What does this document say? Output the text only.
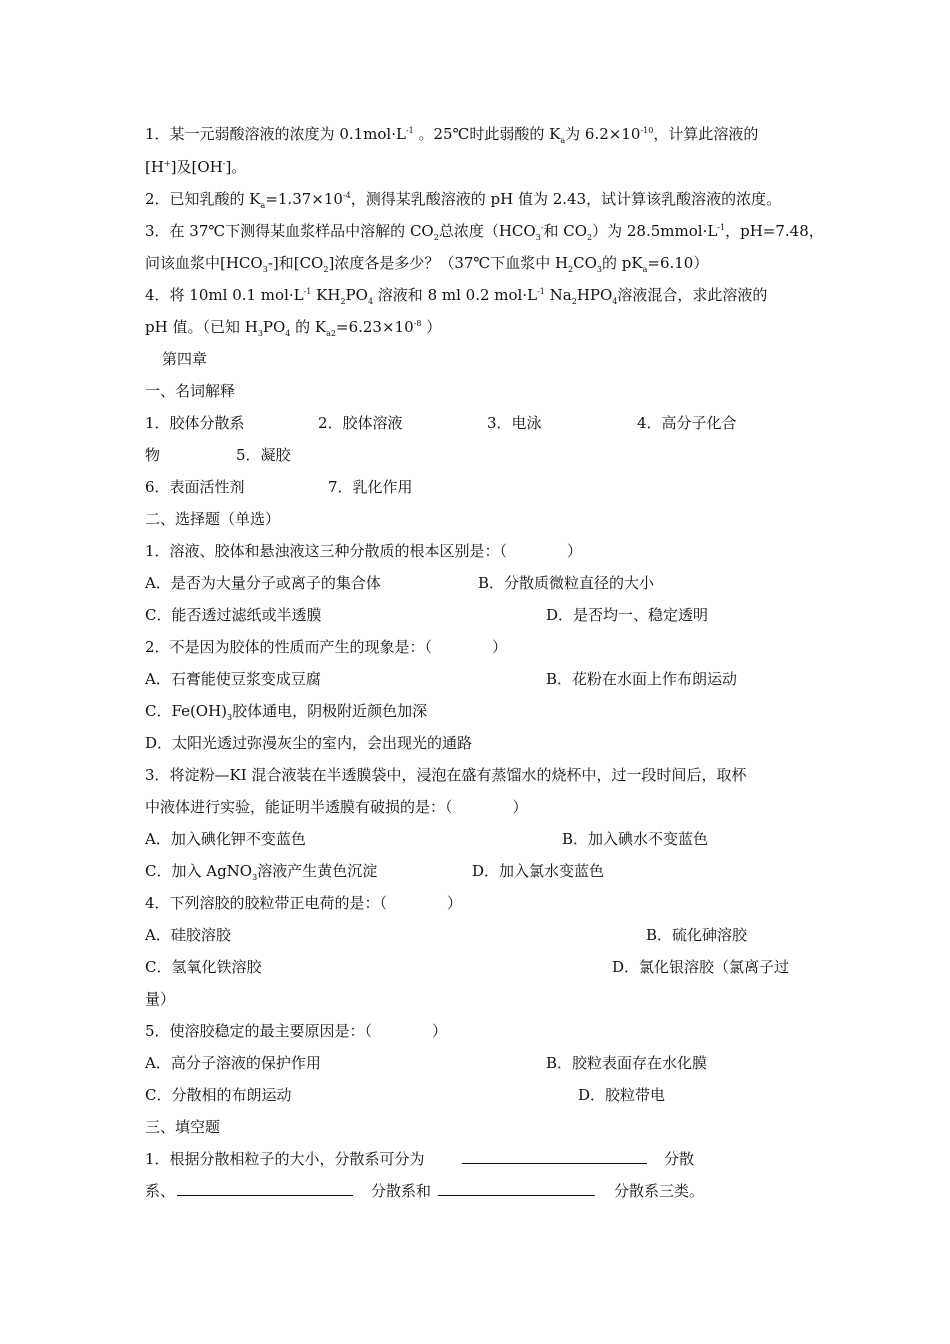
1．某一元弱酸溶液的浓度为 $0.1mol\cdot L^{-1}$ 。25℃时此弱酸的 $K_a$为 $6.2\times 10^{-10}$，计算此溶液的
[H+]及[OH-]。
2．已知乳酸的 $K_a=1.37\times 10^{-4}$，测得某乳酸溶液的 pH 值为 2.43，试计算该乳酸溶液的浓度。
3．在 37℃下测得某血浆样品中溶解的 $CO_2$总浓度（$HCO_3^-$和 $CO_2$）为 $28.5mmol\cdot L^{-1}$，pH=7.48，
问该血浆中$[HCO_3-]$和$[CO_2]$浓度各是多少？（37℃下血浆中 $H_2CO_3$的 $pK_a=6.10$）
4．将 10ml 0.1 $mol\cdot L^{-1}$ $KH_2PO_4$ 溶液和 8 ml 0.2 $mol\cdot L^{-1}$ $Na_2HPO_4$溶液混合，求此溶液的
pH 值。（已知 $H_3PO_4$ 的 $K_{a2}=6.23\times 10^{-8}$ ）
第四章
一、名词解释
1．胶体分散系	2．胶体溶液	3．电泳	4．高分子化合
物	5．凝胶
6．表面活性剂	7．乳化作用
二、选择题（单选）
1．溶液、胶体和悬浊液这三种分散质的根本区别是：（　　　　）
A．是否为大量分子或离子的集合体	B．分散质微粒直径的大小
C．能否透过滤纸或半透膜	D．是否均一、稳定透明
2．不是因为胶体的性质而产生的现象是：（　　　　）
A．石膏能使豆浆变成豆腐	B．花粉在水面上作布朗运动
C．$Fe(OH)_3$胶体通电，阴极附近颜色加深
D．太阳光透过弥漫灰尘的室内，会出现光的通路
3．将淀粉—KI 混合液装在半透膜袋中，浸泡在盛有蒸馏水的烧杯中，过一段时间后，取杯
中液体进行实验，能证明半透膜有破损的是：（　　　　）
A．加入碘化钾不变蓝色	B．加入碘水不变蓝色
C．加入 AgNO$_3$溶液产生黄色沉淀	D．加入氯水变蓝色
4．下列溶胶的胶粒带正电荷的是：（　　　　）
A．硅胶溶胶	B．硫化砷溶胶
C．氢氧化铁溶胶	D．氯化银溶胶（氯离子过
量）
5．使溶胶稳定的最主要原因是：（　　　　）
A．高分子溶液的保护作用	B．胶粒表面存在水化膜
C．分散相的布朗运动	D．胶粒带电
三、填空题
1．根据分散相粒子的大小，分散系可分为	分散
系、	分散系和	分散系三类。
